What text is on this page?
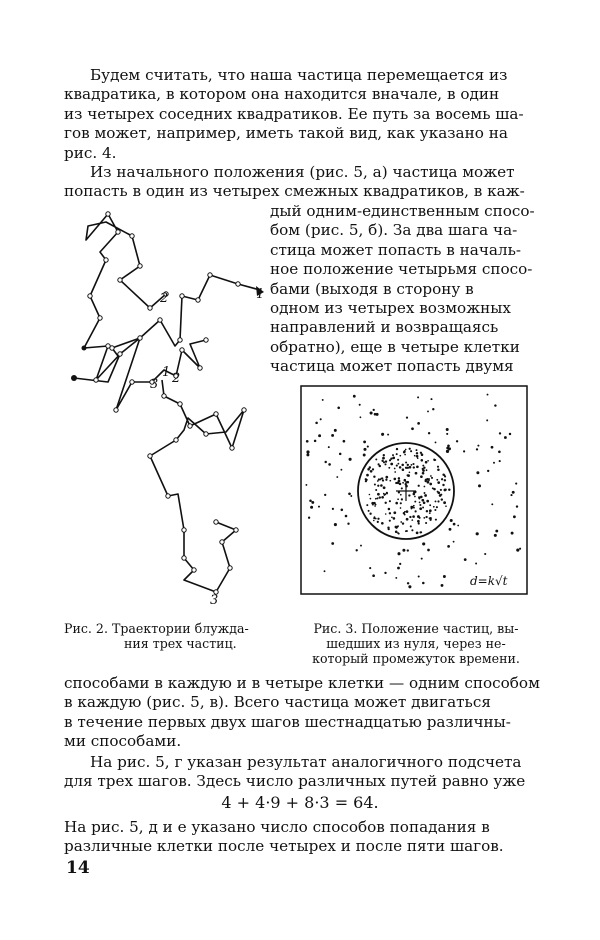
Будем считать, что наша частица перемещается из
квадратика, в котором она находится вначале, в один
из четырех соседних квадратиков. Ее путь за восемь ша-
гов может, например, иметь такой вид, как указано на
рис. 4.
Из начального положения (рис. 5, а) частица может
попасть в один из четырех смежных квадратиков, в каж-
дый одним-единственным спосо-
бом (рис. 5, б). За два шага ча-
стица может попасть в началь-
ное положение четырьмя спосо-
бами (выходя в сторону в
одном из четырех возможных
направлений и возвращаясь
обратно), еще в четыре клетки
частица может попасть двумя
1
2
1 2
3
3
d=k√t
Рис. 2. Траектории блужда-
ния трех частиц.
Рис. 3. Положение частиц, вы-
шедших из нуля, через не-
который промежуток времени.
способами в каждую и в четыре клетки — одним способом
в каждую (рис. 5, в). Всего частица может двигаться
в течение первых двух шагов шестнадцатью различны-
ми способами.
На рис. 5, г указан результат аналогичного подсчета
для трех шагов. Здесь число различных путей равно уже
4 + 4·9 + 8·3 = 64.
На рис. 5, д и е указано число способов попадания в
различные клетки после четырех и после пяти шагов.
14
